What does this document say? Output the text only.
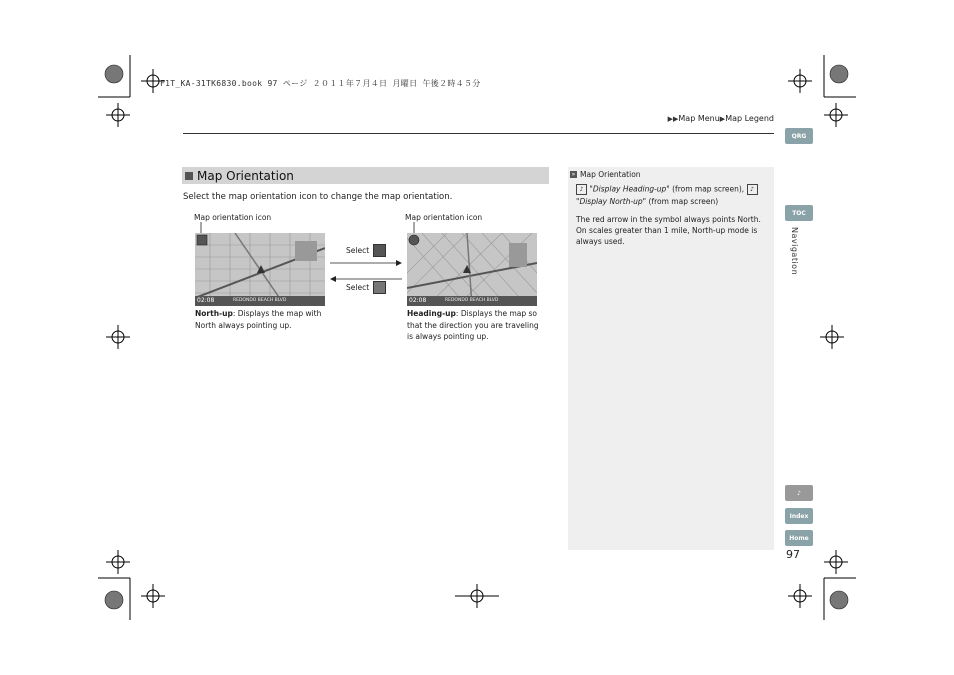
F1T_KA-31TK6830.book 97 ページ ２０１１年７月４日 月曜日 午後２時４５分
▶▶Map Menu▶Map Legend
QRG
TOC
Navigation
♪
Index
Home
Map Orientation
Select the map orientation icon to change the map orientation.
Map orientation icon
02:08	REDONDO BEACH BLVD
North-up: Displays the map with North always pointing up.
Select
Select
Map orientation icon
02:08	REDONDO BEACH BLVD
Heading-up: Displays the map so that the direction you are traveling is always pointing up.
» Map Orientation
♪ "Display Heading-up" (from map screen), ♪
"Display North-up" (from map screen)
The red arrow in the symbol always points North. On scales greater than 1 mile, North-up mode is always used.
97
